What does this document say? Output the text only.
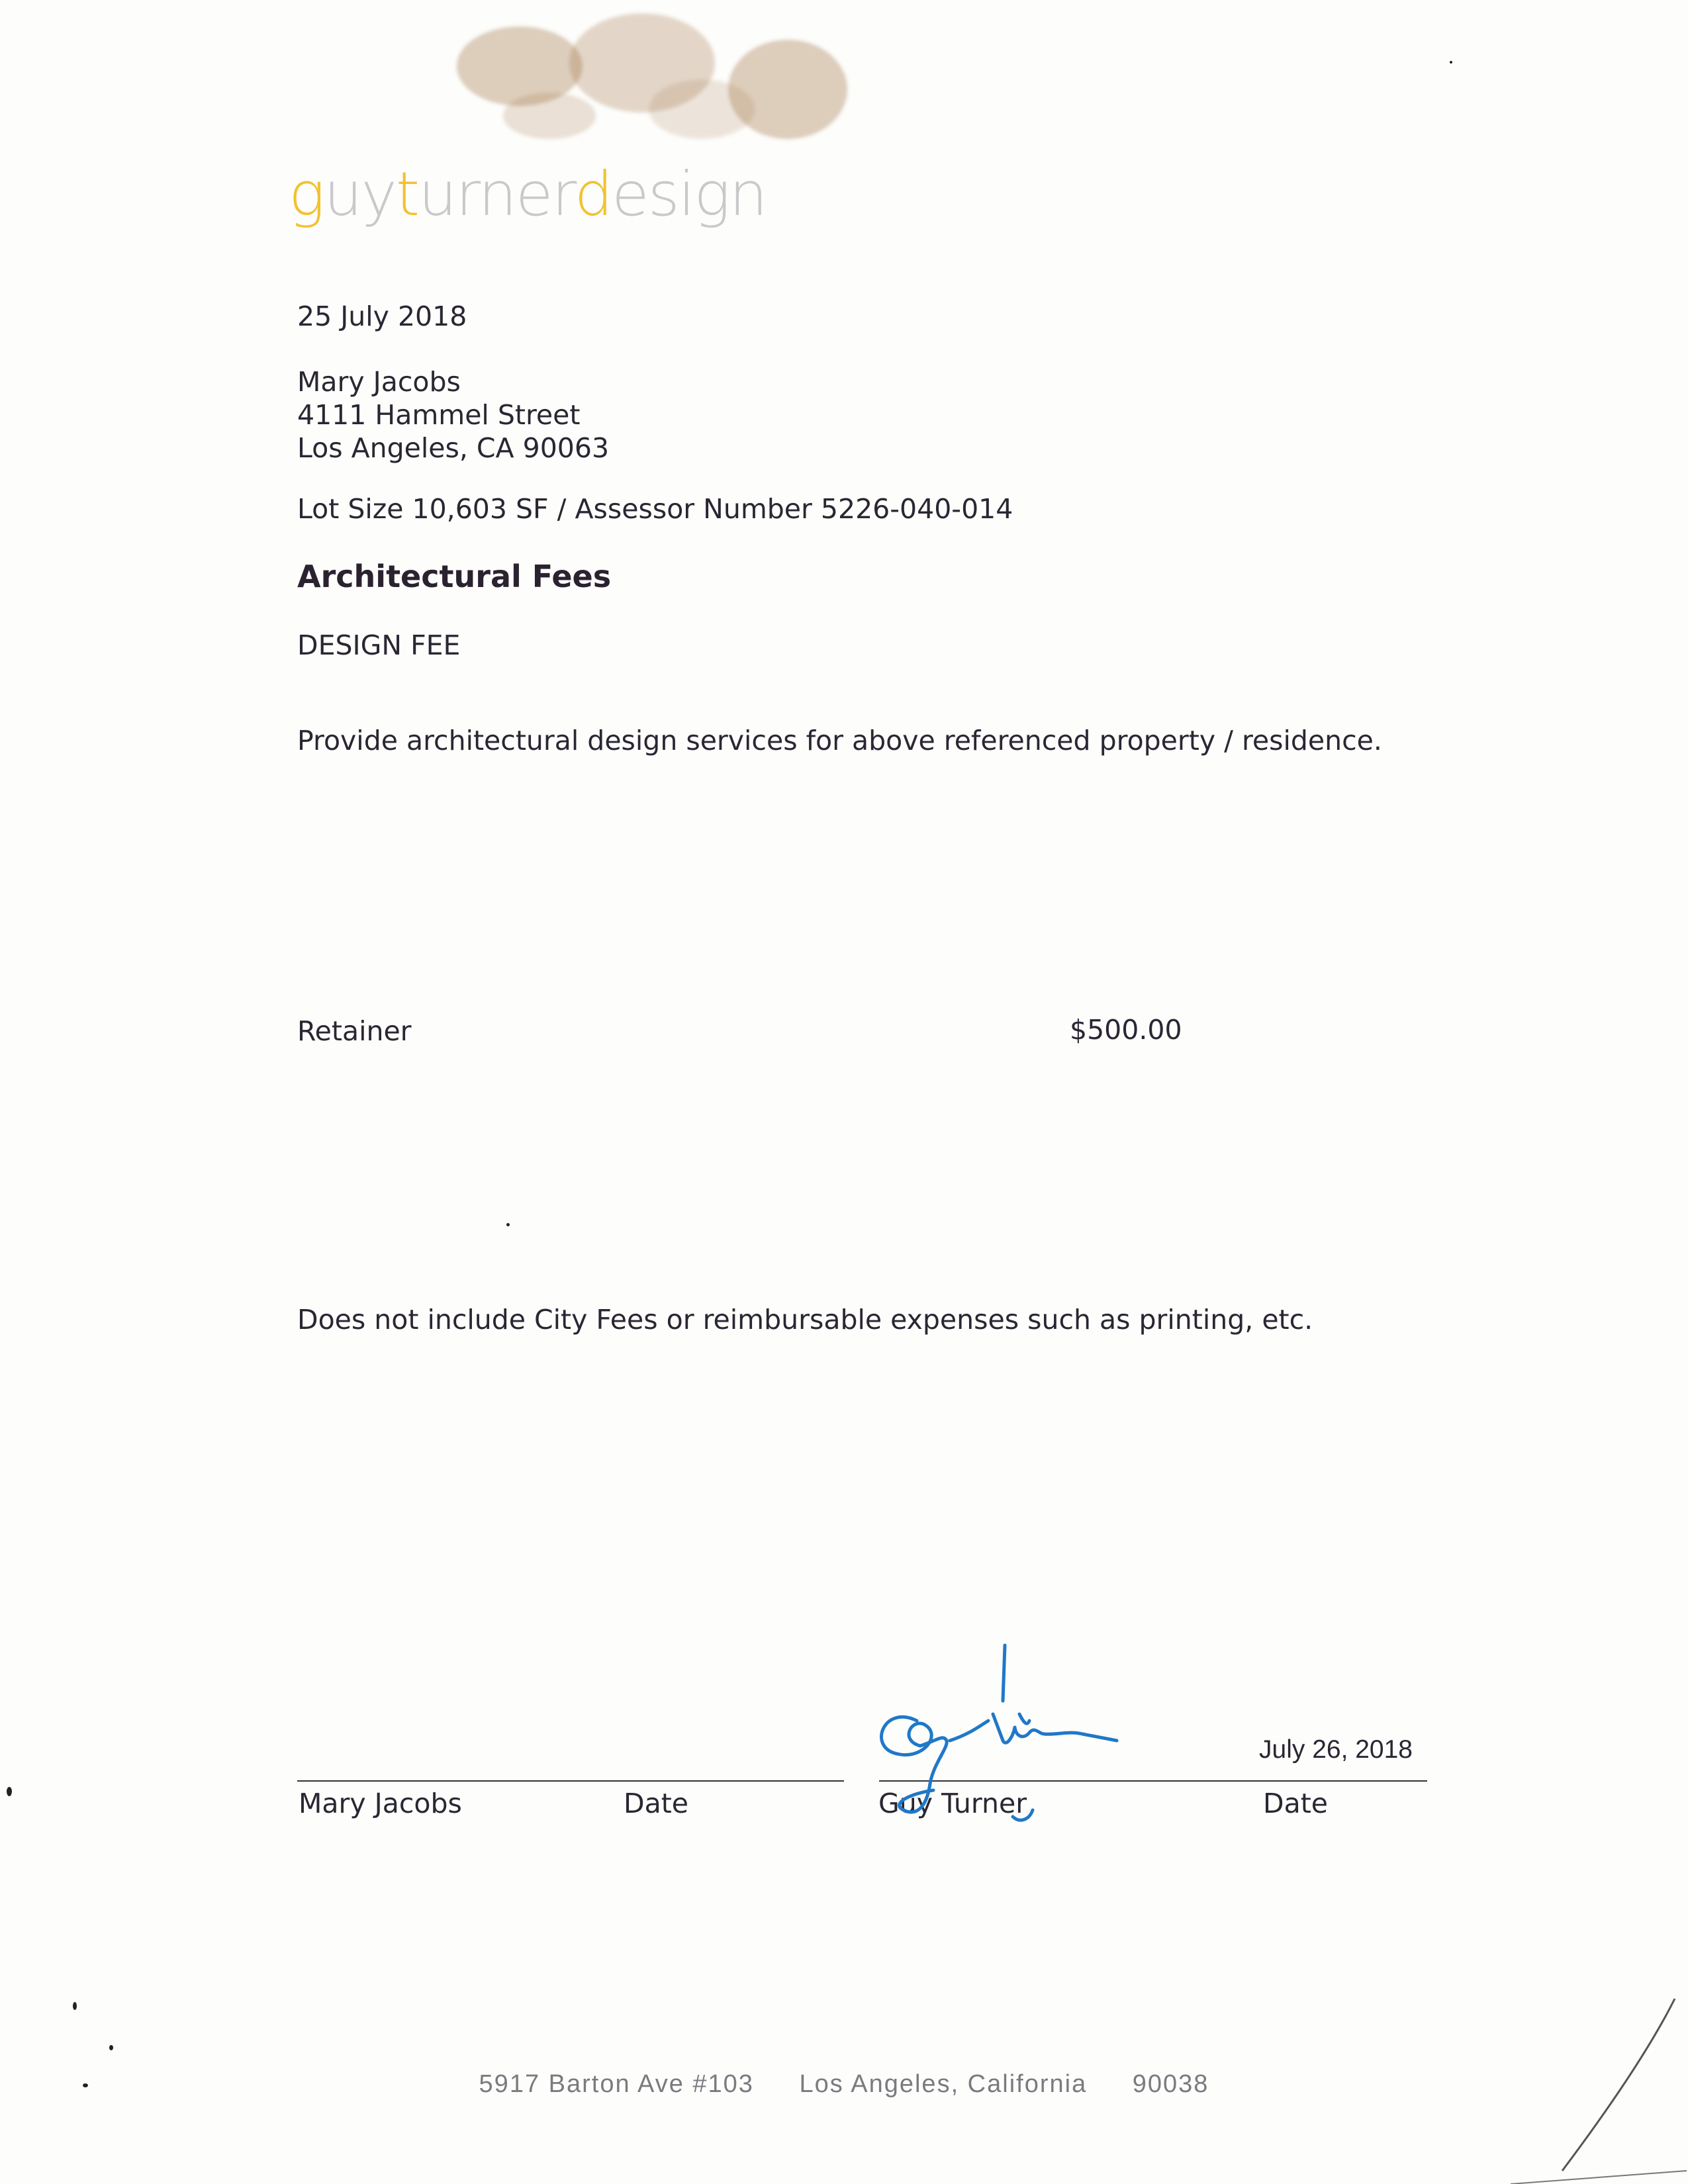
guyturnerdesign
25 July 2018
Mary Jacobs
4111 Hammel Street
Los Angeles, CA 90063
Lot Size 10,603 SF / Assessor Number 5226-040-014
Architectural Fees
DESIGN FEE
Provide architectural design services for above referenced property / residence.
Retainer	$500.00
Does not include City Fees or reimbursable expenses such as printing, etc.
Mary Jacobs	Date	Guy Turner	Date
July 26, 2018
5917 Barton Ave #103 Los Angeles, California 90038
